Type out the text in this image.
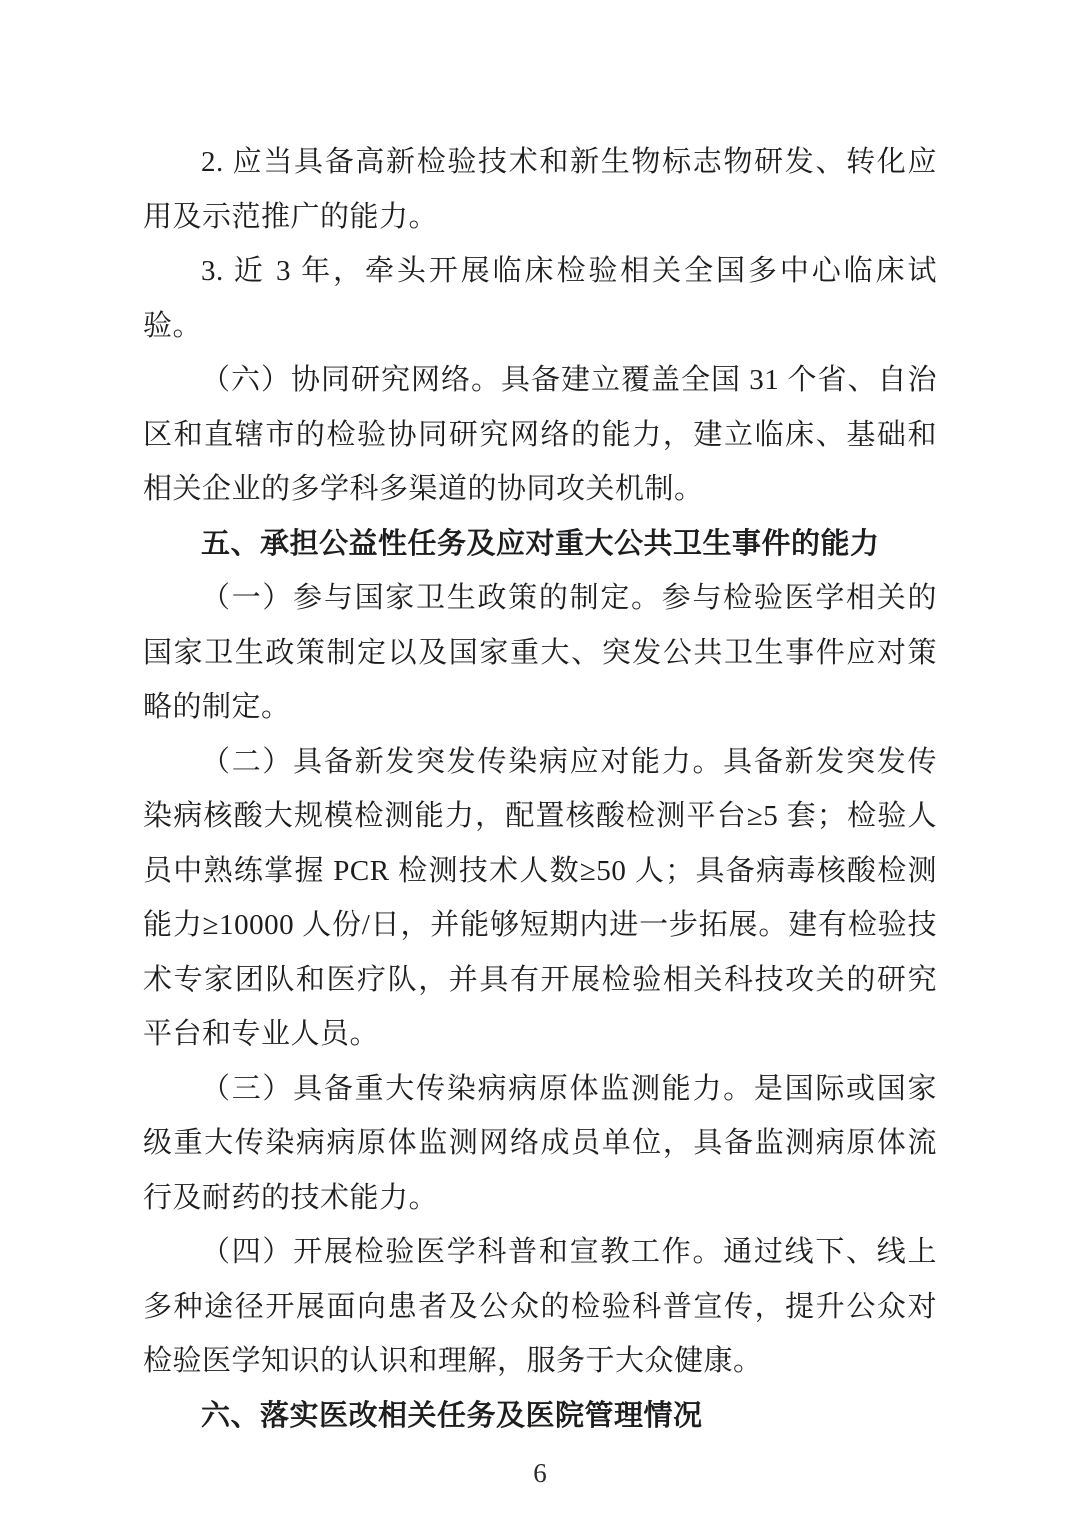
2. 应当具备高新检验技术和新生物标志物研发、转化应用及示范推广的能力。

3. 近 3 年，牵头开展临床检验相关全国多中心临床试验。

（六）协同研究网络。具备建立覆盖全国 31 个省、自治区和直辖市的检验协同研究网络的能力，建立临床、基础和相关企业的多学科多渠道的协同攻关机制。

五、承担公益性任务及应对重大公共卫生事件的能力

（一）参与国家卫生政策的制定。参与检验医学相关的国家卫生政策制定以及国家重大、突发公共卫生事件应对策略的制定。

（二）具备新发突发传染病应对能力。具备新发突发传染病核酸大规模检测能力，配置核酸检测平台≥5 套；检验人员中熟练掌握 PCR 检测技术人数≥50 人；具备病毒核酸检测能力≥10000 人份/日，并能够短期内进一步拓展。建有检验技术专家团队和医疗队，并具有开展检验相关科技攻关的研究平台和专业人员。

（三）具备重大传染病病原体监测能力。是国际或国家级重大传染病病原体监测网络成员单位，具备监测病原体流行及耐药的技术能力。

（四）开展检验医学科普和宣教工作。通过线下、线上多种途径开展面向患者及公众的检验科普宣传，提升公众对检验医学知识的认识和理解，服务于大众健康。

六、落实医改相关任务及医院管理情况
6
